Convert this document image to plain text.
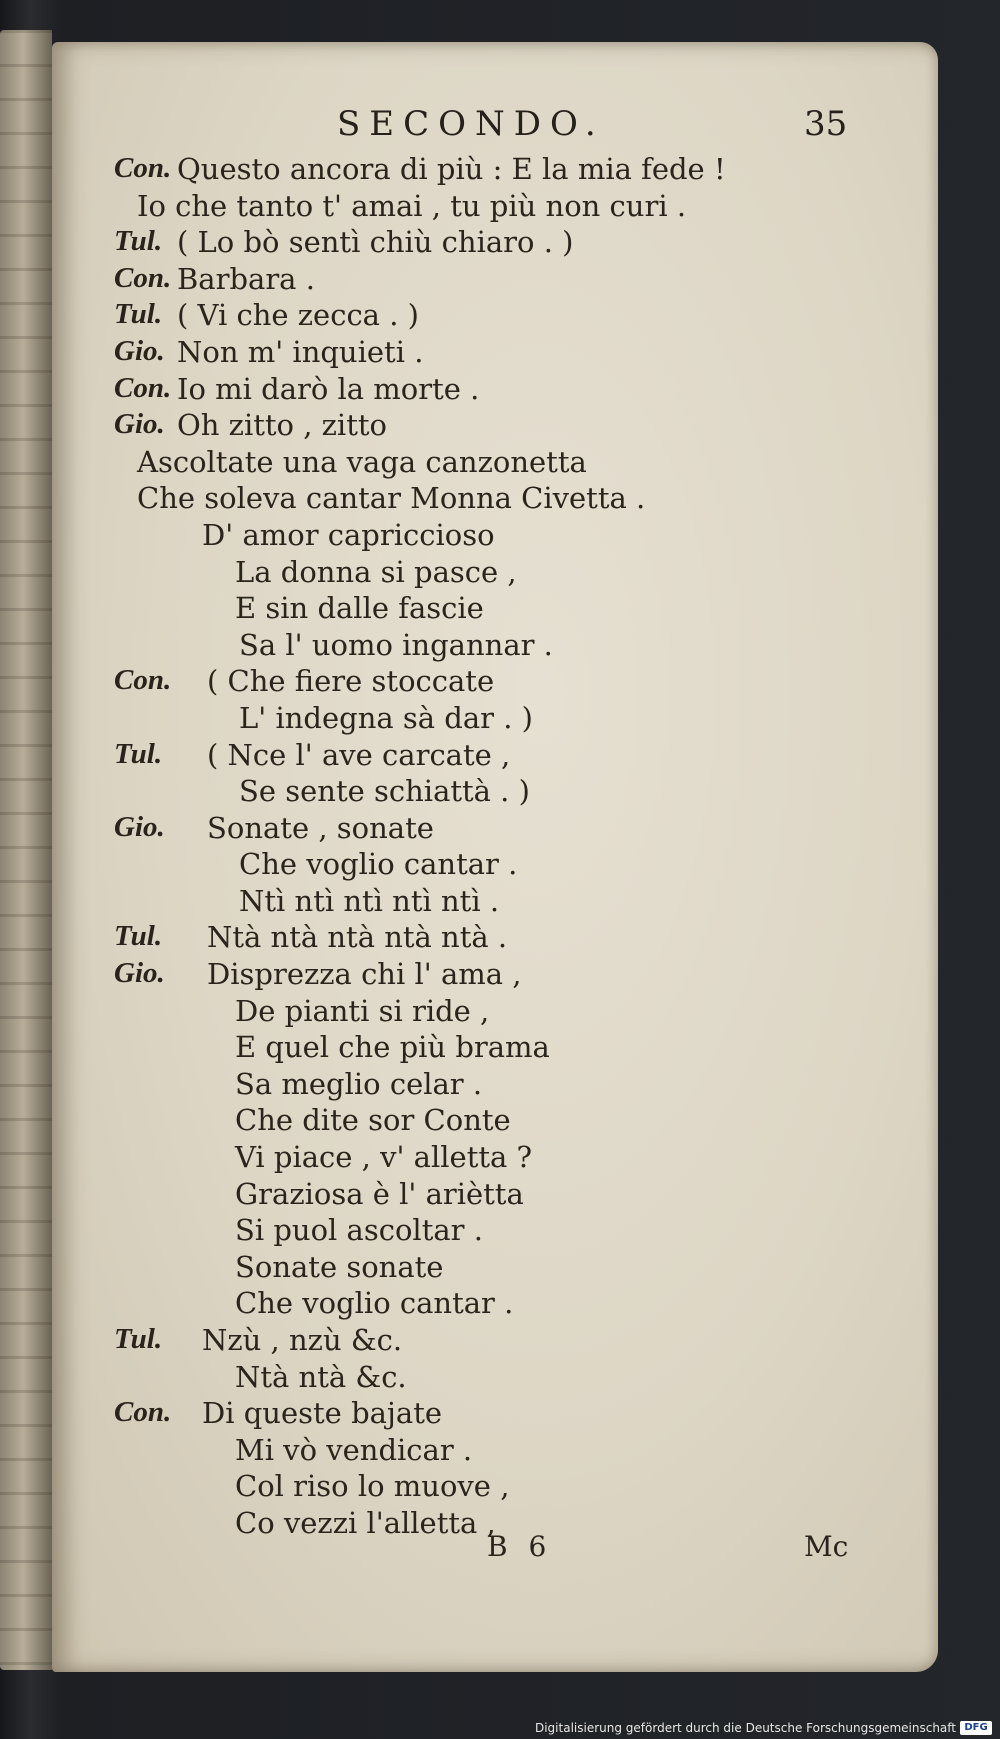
SECONDO.	35
Con. Questo ancora di più : E la mia fede !
Io che tanto t' amai , tu più non curi .
Tul. ( Lo bò sentì chiù chiaro . )
Con. Barbara .
Tul. ( Vi che zecca . )
Gio. Non m' inquieti .
Con. Io mi darò la morte .
Gio. Oh zitto , zitto
Ascoltate una vaga canzonetta
Che soleva cantar Monna Civetta .
D' amor capriccioso
La donna si pasce ,
E sin dalle fascie
Sa l' uomo ingannar .
Con. ( Che fiere stoccate
L' indegna sà dar . )
Tul. ( Nce l' ave carcate ,
Se sente schiattà . )
Gio. Sonate , sonate
Che voglio cantar .
Ntì ntì ntì ntì ntì .
Tul. Ntà ntà ntà ntà ntà .
Gio. Disprezza chi l' ama ,
De pianti si ride ,
E quel che più brama
Sa meglio celar .
Che dite sor Conte
Vi piace , v' alletta ?
Graziosa è l' ariètta
Si puol ascoltar .
Sonate sonate
Che voglio cantar .
Tul. Nzù , nzù &c.
Ntà ntà &c.
Con. Di queste bajate
Mi vò vendicar .
Col riso lo muove ,
Co vezzi l'alletta ,
B 6	Mc
Digitalisierung gefördert durch die Deutsche Forschungsgemeinschaft DFG
